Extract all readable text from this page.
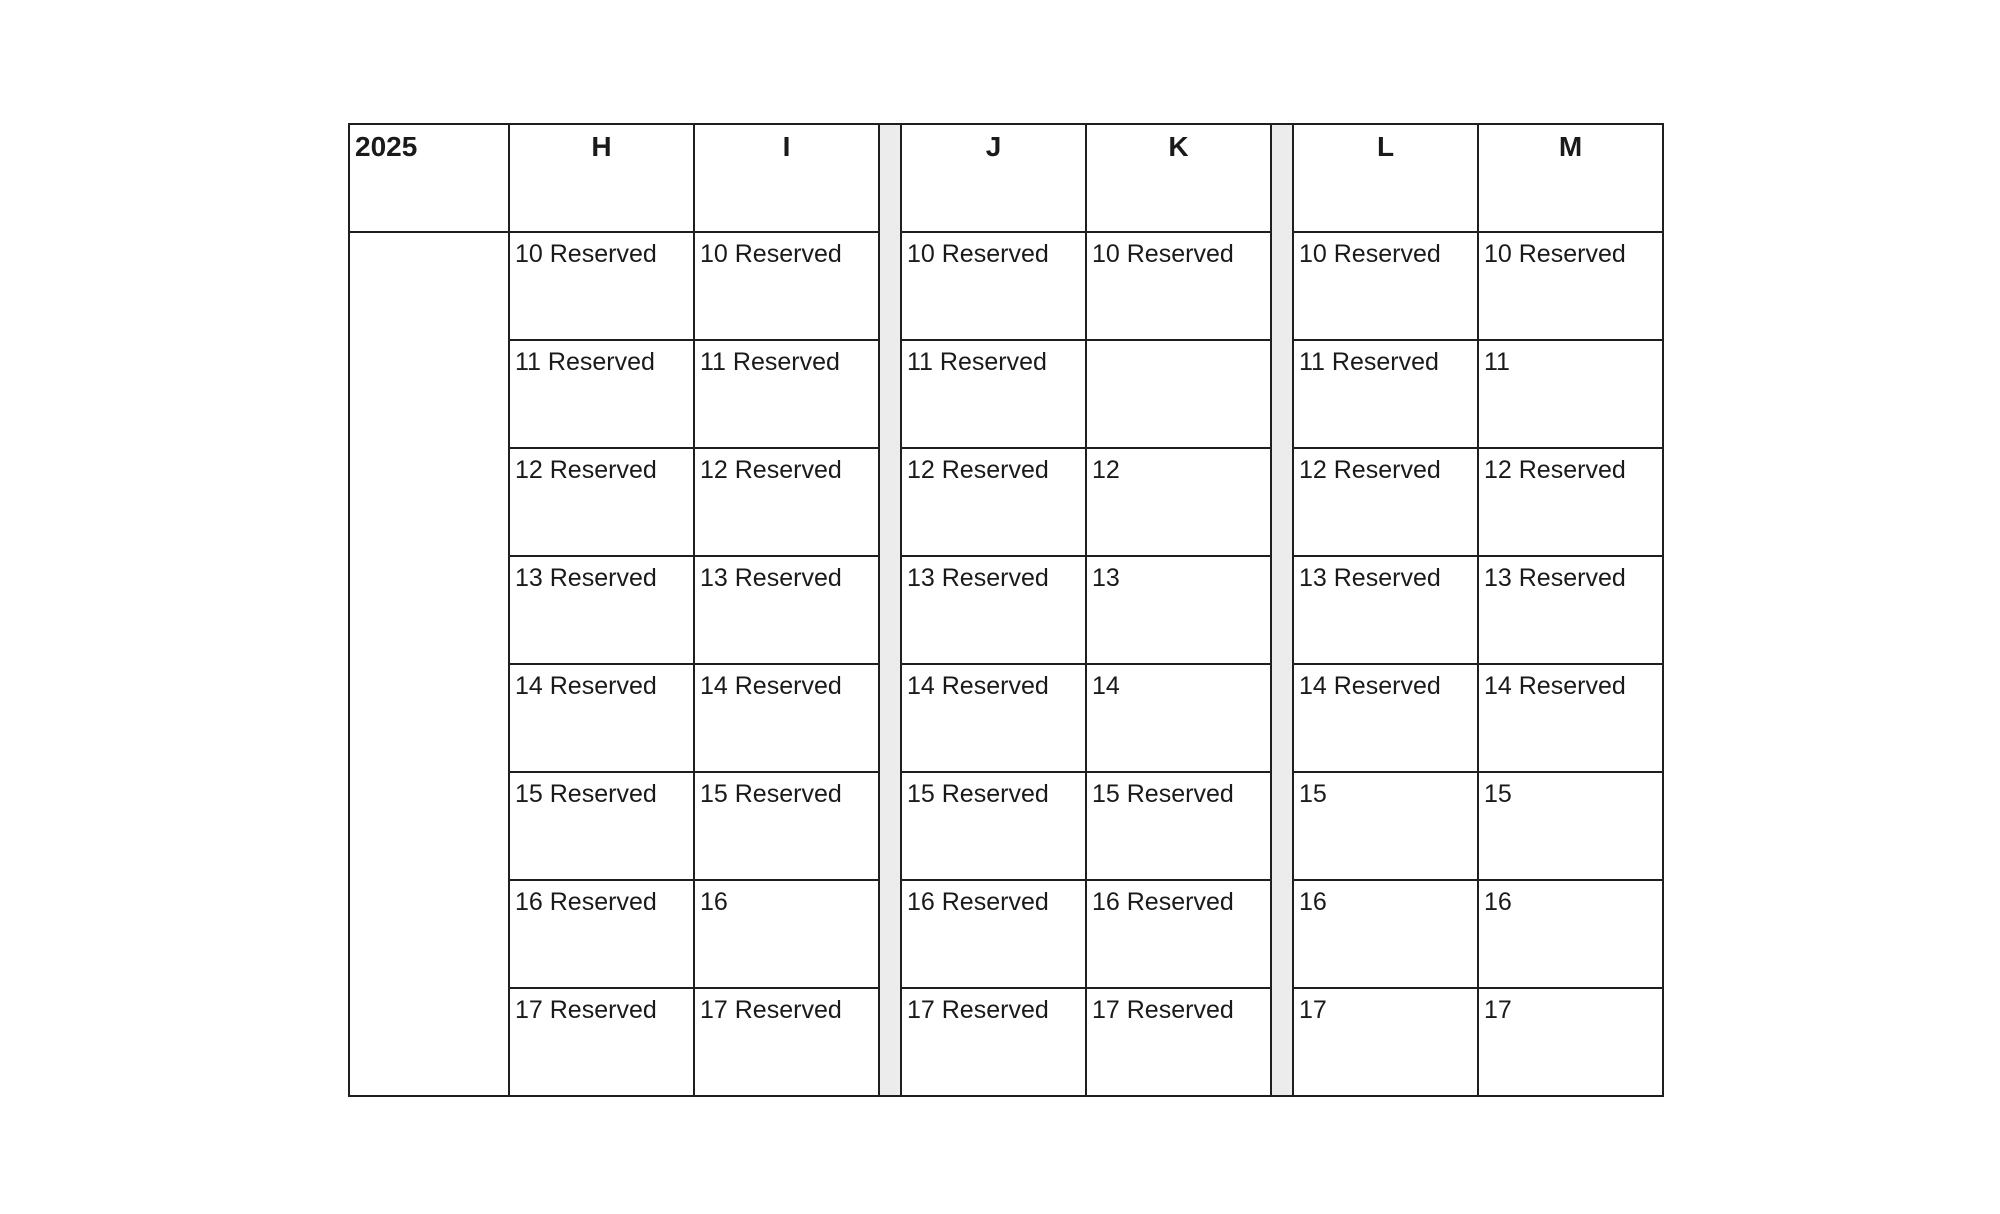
2025	H	I		J	K		L	M

	10 Reserved	10 Reserved		10 Reserved	10 Reserved		10 Reserved	10 Reserved

	11 Reserved	11 Reserved		11 Reserved			11 Reserved	11

	12 Reserved	12 Reserved		12 Reserved	12		12 Reserved	12 Reserved

	13 Reserved	13 Reserved		13 Reserved	13		13 Reserved	13 Reserved

	14 Reserved	14 Reserved		14 Reserved	14		14 Reserved	14 Reserved

	15 Reserved	15 Reserved		15 Reserved	15 Reserved		15	15

	16 Reserved	16		16 Reserved	16 Reserved		16	16

	17 Reserved	17 Reserved		17 Reserved	17 Reserved		17	17
